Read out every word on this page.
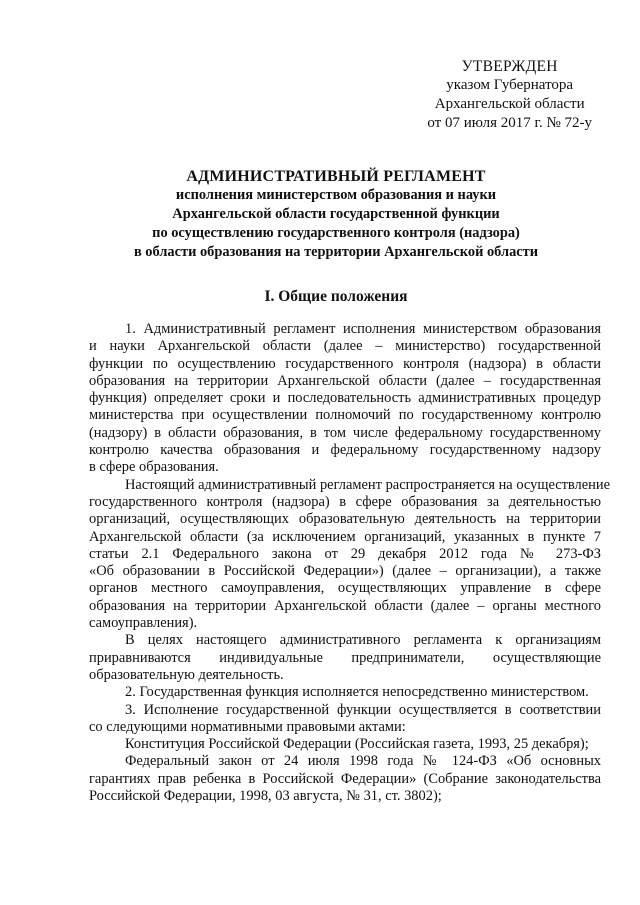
УТВЕРЖДЕН
указом Губернатора
Архангельской области
от 07 июля 2017 г. № 72-у
АДМИНИСТРАТИВНЫЙ РЕГЛАМЕНТ
исполнения министерством образования и науки
Архангельской области государственной функции
по осуществлению государственного контроля (надзора)
в области образования на территории Архангельской области
I. Общие положения
1. Административный регламент исполнения министерством образования
и науки Архангельской области (далее – министерство) государственной
функции по осуществлению государственного контроля (надзора) в области
образования на территории Архангельской области (далее – государственная
функция) определяет сроки и последовательность административных процедур
министерства при осуществлении полномочий по государственному контролю
(надзору) в области образования, в том числе федеральному государственному
контролю качества образования и федеральному государственному надзору
в сфере образования.
Настоящий административный регламент распространяется на осуществление
государственного контроля (надзора) в сфере образования за деятельностью
организаций, осуществляющих образовательную деятельность на территории
Архангельской области (за исключением организаций, указанных в пункте 7
статьи 2.1 Федерального закона от 29 декабря 2012 года № 273-ФЗ
«Об образовании в Российской Федерации») (далее – организации), а также
органов местного самоуправления, осуществляющих управление в сфере
образования на территории Архангельской области (далее – органы местного
самоуправления).
В целях настоящего административного регламента к организациям
приравниваются индивидуальные предприниматели, осуществляющие
образовательную деятельность.
2. Государственная функция исполняется непосредственно министерством.
3. Исполнение государственной функции осуществляется в соответствии
со следующими нормативными правовыми актами:
Конституция Российской Федерации (Российская газета, 1993, 25 декабря);
Федеральный закон от 24 июля 1998 года № 124-ФЗ «Об основных
гарантиях прав ребенка в Российской Федерации» (Собрание законодательства
Российской Федерации, 1998, 03 августа, № 31, ст. 3802);
